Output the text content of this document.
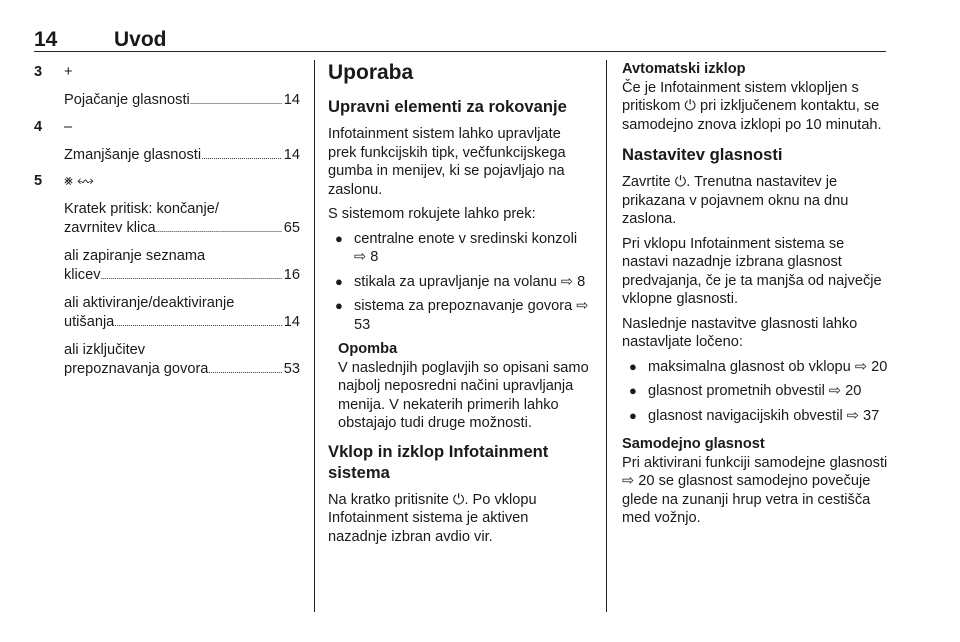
14	Uvod
3	+
Pojačanje glasnosti . . .	14
4	–
Zmanjšanje glasnosti . . .	14
5	⨳ ↭
Kratek pritisk: končanje/
zavrnitev klica . . .	65
ali zapiranje seznama
klicev . . .	16
ali aktiviranje/deaktiviranje
utišanja . . .	14
ali izključitev
prepoznavanja govora . . .	53
Uporaba
Upravni elementi za rokovanje

Infotainment sistem lahko upravljate prek funkcijskih tipk, večfunkcijskega gumba in menijev, ki se pojavljajo na zaslonu.

S sistemom rokujete lahko prek:

● centralne enote v sredinski konzoli ⇨ 8
● stikala za upravljanje na volanu ⇨ 8
● sistema za prepoznavanje govora ⇨ 53
Opomba
V naslednjih poglavjih so opisani samo najbolj neposredni načini upravljanja menija. V nekaterih primerih lahko obstajajo tudi druge možnosti.
Vklop in izklop Infotainment sistema

Na kratko pritisnite ⏻. Po vklopu Infotainment sistema je aktiven nazadnje izbran avdio vir.

Avtomatski izklop

Če je Infotainment sistem vklopljen s pritiskom ⏻ pri izključenem kontaktu, se samodejno znova izklopi po 10 minutah.

Nastavitev glasnosti

Zavrtite ⏻. Trenutna nastavitev je prikazana v pojavnem oknu na dnu zaslona.

Pri vklopu Infotainment sistema se nastavi nazadnje izbrana glasnost predvajanja, če je ta manjša od največje vklopne glasnosti.

Naslednje nastavitve glasnosti lahko nastavljate ločeno:

● maksimalna glasnost ob vklopu ⇨ 20
● glasnost prometnih obvestil ⇨ 20
● glasnost navigacijskih obvestil ⇨ 37
Samodejno glasnost

Pri aktivirani funkciji samodejne glasnosti ⇨ 20 se glasnost samodejno povečuje glede na zunanji hrup vetra in cestišča med vožnjo.
